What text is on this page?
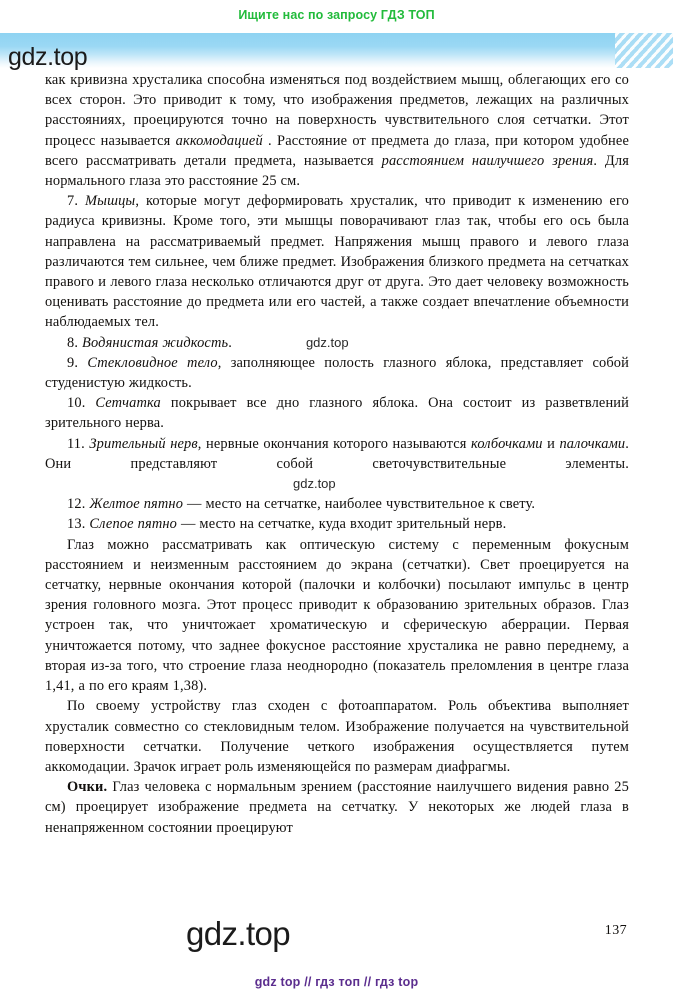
Ищите нас по запросу ГДЗ ТОП
gdz.top

как кривизна хрусталика способна изменяться под воздействием мышц, облегающих его со всех сторон. Это приводит к тому, что изображения предметов, лежащих на различных расстояниях, проецируются точно на поверхность чувствительного слоя сетчатки. Этот процесс называется аккомодацией . Расстояние от предмета до глаза, при котором удобнее всего рассматривать детали предмета, называется расстоянием наилучшего зрения. Для нормального глаза это расстояние 25 см.

7. Мышцы, которые могут деформировать хрусталик, что приводит к изменению его радиуса кривизны. Кроме того, эти мышцы поворачивают глаз так, чтобы его ось была направлена на рассматриваемый предмет. Напряжения мышц правого и левого глаза различаются тем сильнее, чем ближе предмет. Изображения близкого предмета на сетчатках правого и левого глаза несколько отличаются друг от друга. Это дает человеку возможность оценивать расстояние до предмета или его частей, а также создает впечатление объемности наблюдаемых тел.

8. Водянистая жидкость.	gdz.top

9. Стекловидное тело, заполняющее полость глазного яблока, представляет собой студенистую жидкость.

10. Сетчатка покрывает все дно глазного яблока. Она состоит из разветвлений зрительного нерва.

11. Зрительный нерв, нервные окончания которого называются колбочками и палочками. Они представляют собой светочувствительные элементы.gdz.top

12. Желтое пятно — место на сетчатке, наиболее чувствительное к свету.

13. Слепое пятно — место на сетчатке, куда входит зрительный нерв.

Глаз можно рассматривать как оптическую систему с переменным фокусным расстоянием и неизменным расстоянием до экрана (сетчатки). Свет проецируется на сетчатку, нервные окончания которой (палочки и колбочки) посылают импульс в центр зрения головного мозга. Этот процесс приводит к образованию зрительных образов. Глаз устроен так, что уничтожает хроматическую и сферическую аберрации. Первая уничтожается потому, что заднее фокусное расстояние хрусталика не равно переднему, а вторая из-за того, что строение глаза неоднородно (показатель преломления в центре глаза 1,41, а по его краям 1,38).

По своему устройству глаз сходен с фотоаппаратом. Роль объектива выполняет хрусталик совместно со стекловидным телом. Изображение получается на чувствительной поверхности сетчатки. Получение четкого изображения осуществляется путем аккомодации. Зрачок играет роль изменяющейся по размерам диафрагмы.

Очки. Глаз человека с нормальным зрением (расстояние наилучшего видения равно 25 см) проецирует изображение предмета на сетчатку. У некоторых же людей глаза в ненапряженном состоянии проецируют

gdz.top	137
gdz top // гдз топ // гдз top
